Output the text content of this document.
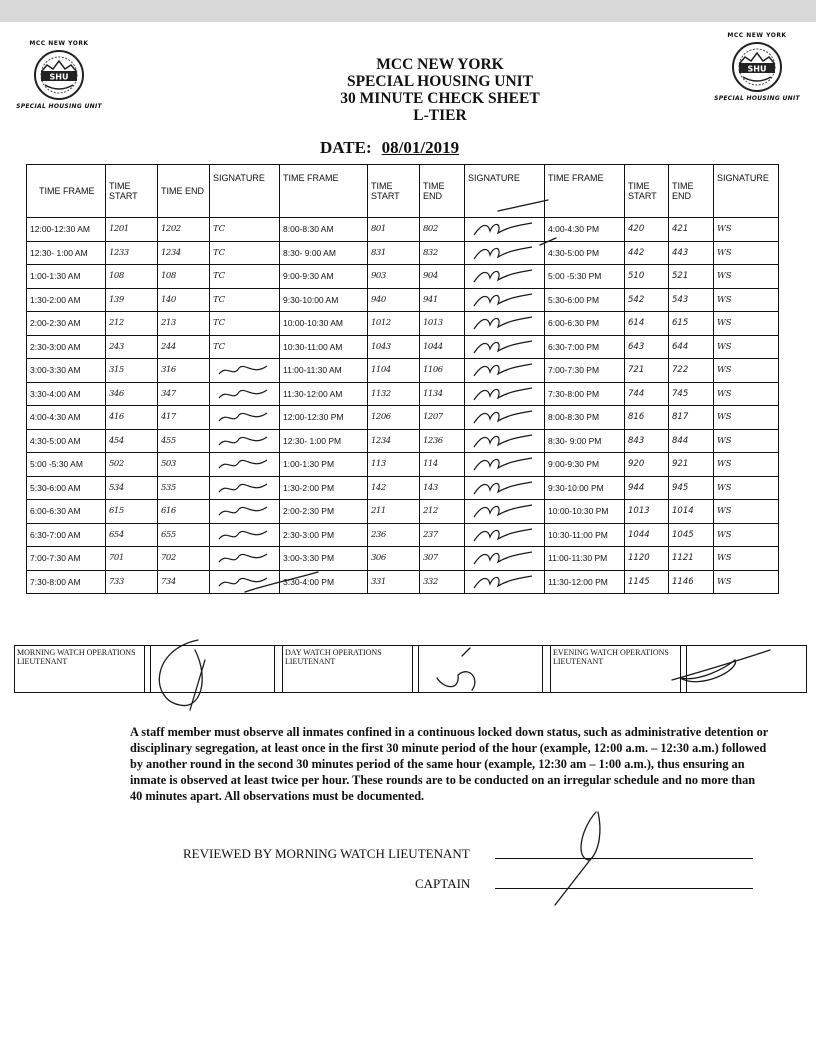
MCC NEW YORK
SHU
SPECIAL HOUSING UNIT
MCC NEW YORK
SHU
SPECIAL HOUSING UNIT
MCC NEW YORK
SPECIAL HOUSING UNIT
30 MINUTE CHECK SHEET
L-TIER
DATE: 08/01/2019
TIME FRAME	TIME START	TIME END	SIGNATURE	TIME FRAME	TIME START	TIME END	SIGNATURE	TIME FRAME	TIME START	TIME END	SIGNATURE
12:00-12:30 AM	1201	1202	TC	8:00-8:30 AM	801	802		4:00-4:30 PM	420	421	WS
12:30- 1:00 AM	1233	1234	TC	8:30- 9:00 AM	831	832		4:30-5:00 PM	442	443	WS
1:00-1:30 AM	108	108	TC	9:00-9:30 AM	903	904		5:00 -5:30 PM	510	521	WS
1:30-2:00 AM	139	140	TC	9:30-10:00 AM	940	941		5:30-6:00 PM	542	543	WS
2:00-2:30 AM	212	213	TC	10:00-10:30 AM	1012	1013		6:00-6:30 PM	614	615	WS
2:30-3:00 AM	243	244	TC	10:30-11:00 AM	1043	1044		6:30-7:00 PM	643	644	WS
3:00-3:30 AM	315	316		11:00-11:30 AM	1104	1106		7:00-7:30 PM	721	722	WS
3:30-4:00 AM	346	347		11:30-12:00 AM	1132	1134		7:30-8:00 PM	744	745	WS
4:00-4:30 AM	416	417		12:00-12:30 PM	1206	1207		8:00-8:30 PM	816	817	WS
4:30-5:00 AM	454	455		12:30- 1:00 PM	1234	1236		8:30- 9:00 PM	843	844	WS
5:00 -5:30 AM	502	503		1:00-1:30 PM	113	114		9:00-9:30 PM	920	921	WS
5:30-6:00 AM	534	535		1:30-2:00 PM	142	143		9:30-10:00 PM	944	945	WS
6:00-6:30 AM	615	616		2:00-2:30 PM	211	212		10:00-10:30 PM	1013	1014	WS
6:30-7:00 AM	654	655		2:30-3:00 PM	236	237		10:30-11:00 PM	1044	1045	WS
7:00-7:30 AM	701	702		3:00-3:30 PM	306	307		11:00-11:30 PM	1120	1121	WS
7:30-8:00 AM	733	734		3:30-4:00 PM	331	332		11:30-12:00 PM	1145	1146	WS
MORNING WATCH OPERATIONS LIEUTENANT				DAY WATCH OPERATIONS LIEUTENANT				EVENING WATCH OPERATIONS LIEUTENANT		
A staff member must observe all inmates confined in a continuous locked down status, such as administrative detention or disciplinary segregation, at least once in the first 30 minute period of the hour (example, 12:00 a.m. – 12:30 a.m.) followed by another round in the second 30 minutes period of the same hour (example, 12:30 am – 1:00 a.m.), thus ensuring an inmate is observed at least twice per hour. These rounds are to be conducted on an irregular schedule and no more than 40 minutes apart. All observations must be documented.
REVIEWED BY MORNING WATCH LIEUTENANT
CAPTAIN
